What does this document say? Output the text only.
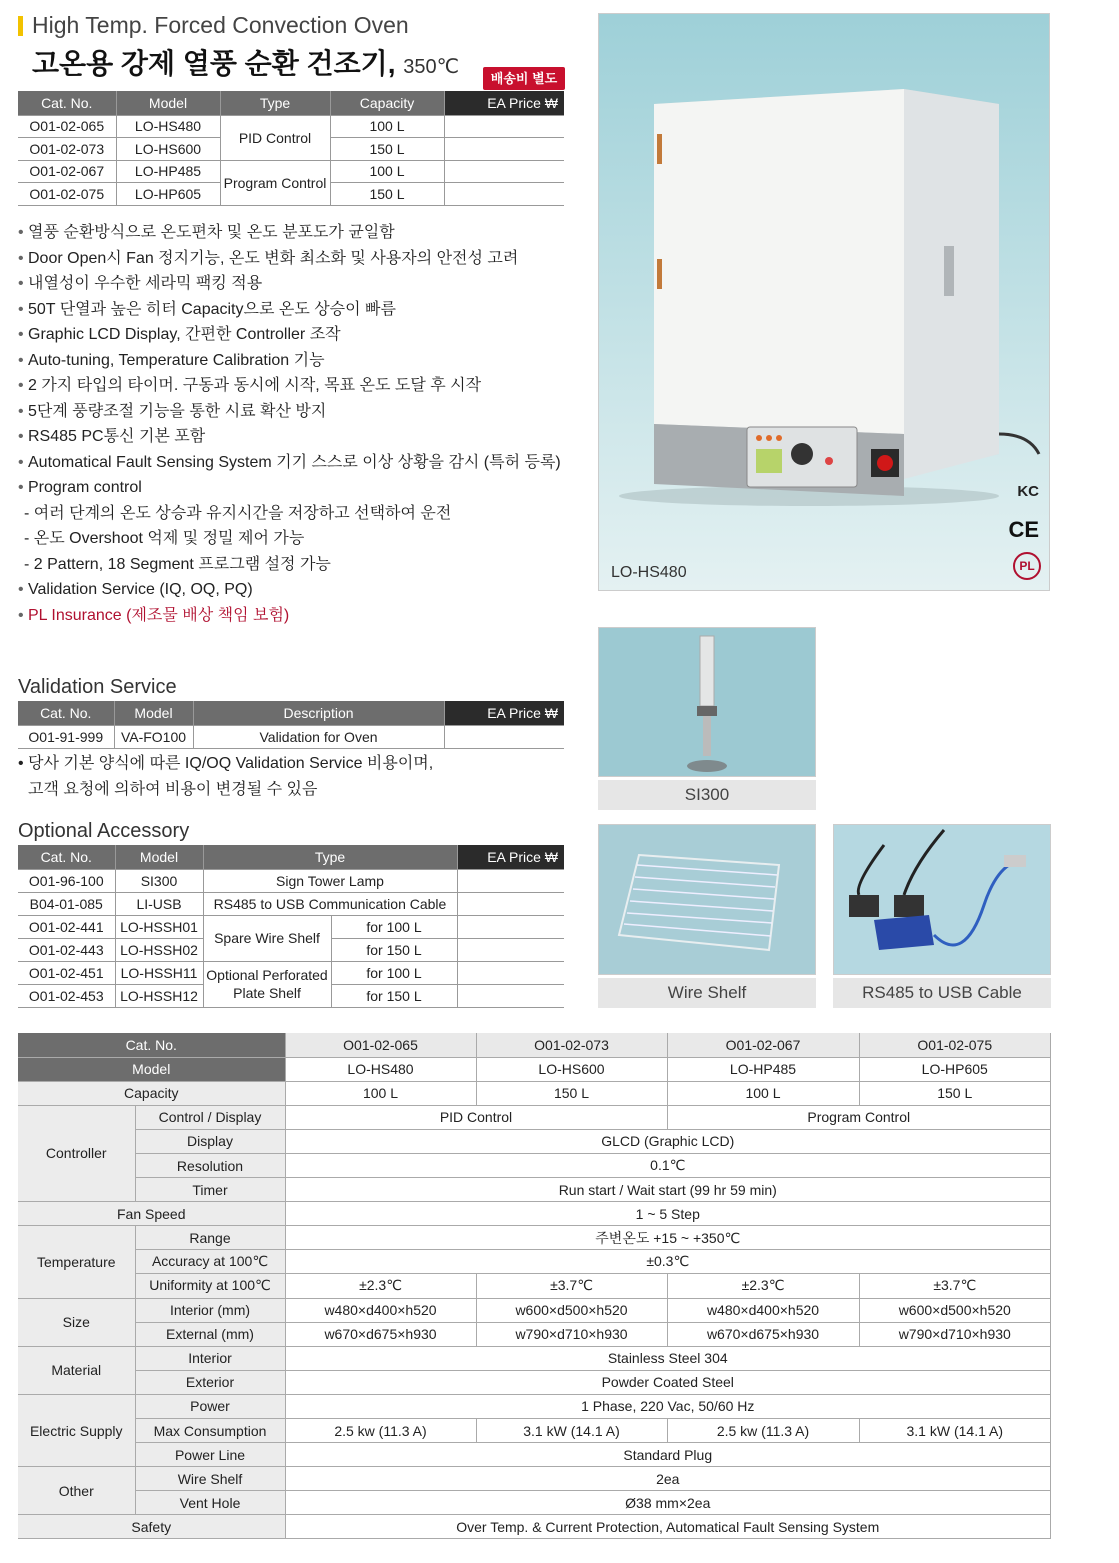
High Temp. Forced Convection Oven
고온용 강제 열풍 순환 건조기, 350℃
배송비 별도
Cat. No.	Model	Type	Capacity	EA Price ₩
O01-02-065	LO-HS480	PID Control	100 L	
O01-02-073	LO-HS600		150 L	
O01-02-067	LO-HP485	Program Control	100 L	
O01-02-075	LO-HP605		150 L	
• 열풍 순환방식으로 온도편차 및 온도 분포도가 균일함
• Door Open시 Fan 정지기능, 온도 변화 최소화 및 사용자의 안전성 고려
• 내열성이 우수한 세라믹 팩킹 적용
• 50T 단열과 높은 히터 Capacity으로 온도 상승이 빠름
• Graphic LCD Display, 간편한 Controller 조작
• Auto-tuning, Temperature Calibration 기능
• 2 가지 타입의 타이머. 구동과 동시에 시작, 목표 온도 도달 후 시작
• 5단계 풍량조절 기능을 통한 시료 확산 방지
• RS485 PC통신 기본 포함
• Automatical Fault Sensing System 기기 스스로 이상 상황을 감시 (특허 등록)
• Program control
- 여러 단계의 온도 상승과 유지시간을 저장하고 선택하여 운전
- 온도 Overshoot 억제 및 정밀 제어 가능
- 2 Pattern, 18 Segment 프로그램 설정 가능
• Validation Service (IQ, OQ, PQ)
• PL Insurance (제조물 배상 책임 보험)
Validation Service
Cat. No.	Model	Description	EA Price ₩
O01-91-999	VA-FO100	Validation for Oven	
• 당사 기본 양식에 따른 IQ/OQ Validation Service 비용이며,
고객 요청에 의하여 비용이 변경될 수 있음
Optional Accessory
Cat. No.	Model	Type		EA Price ₩
O01-96-100	SI300	Sign Tower Lamp		
B04-01-085	LI-USB	RS485 to USB Communication Cable		
O01-02-441	LO-HSSH01	Spare Wire Shelf	for 100 L	
O01-02-443	LO-HSSH02		for 150 L	
O01-02-451	LO-HSSH11	Optional Perforated
Plate Shelf	for 100 L	
O01-02-453	LO-HSSH12		for 150 L	
LO-HS480
KC
CE
PL
SI300
Wire Shelf	RS485 to USB Cable
Cat. No.		O01-02-065	O01-02-073	O01-02-067	O01-02-075
Model		LO-HS480	LO-HS600	LO-HP485	LO-HP605
Capacity		100 L	150 L	100 L	150 L
Controller	Control / Display	PID Control		Program Control	
	Display	GLCD (Graphic LCD)			
	Resolution	0.1℃			
	Timer	Run start / Wait start (99 hr 59 min)			
Fan Speed		1 ~ 5 Step			
Temperature	Range	주변온도 +15 ~ +350℃			
	Accuracy at 100℃	±0.3℃			
	Uniformity at 100℃	±2.3℃	±3.7℃	±2.3℃	±3.7℃
Size	Interior (mm)	w480×d400×h520	w600×d500×h520	w480×d400×h520	w600×d500×h520
	External (mm)	w670×d675×h930	w790×d710×h930	w670×d675×h930	w790×d710×h930
Material	Interior	Stainless Steel 304			
	Exterior	Powder Coated Steel			
Electric Supply	Power	1 Phase, 220 Vac, 50/60 Hz			
	Max Consumption	2.5 kw (11.3 A)	3.1 kW (14.1 A)	2.5 kw (11.3 A)	3.1 kW (14.1 A)
	Power Line	Standard Plug			
Other	Wire Shelf	2ea			
	Vent Hole	Ø38 mm×2ea			
Safety		Over Temp. & Current Protection, Automatical Fault Sensing System			
